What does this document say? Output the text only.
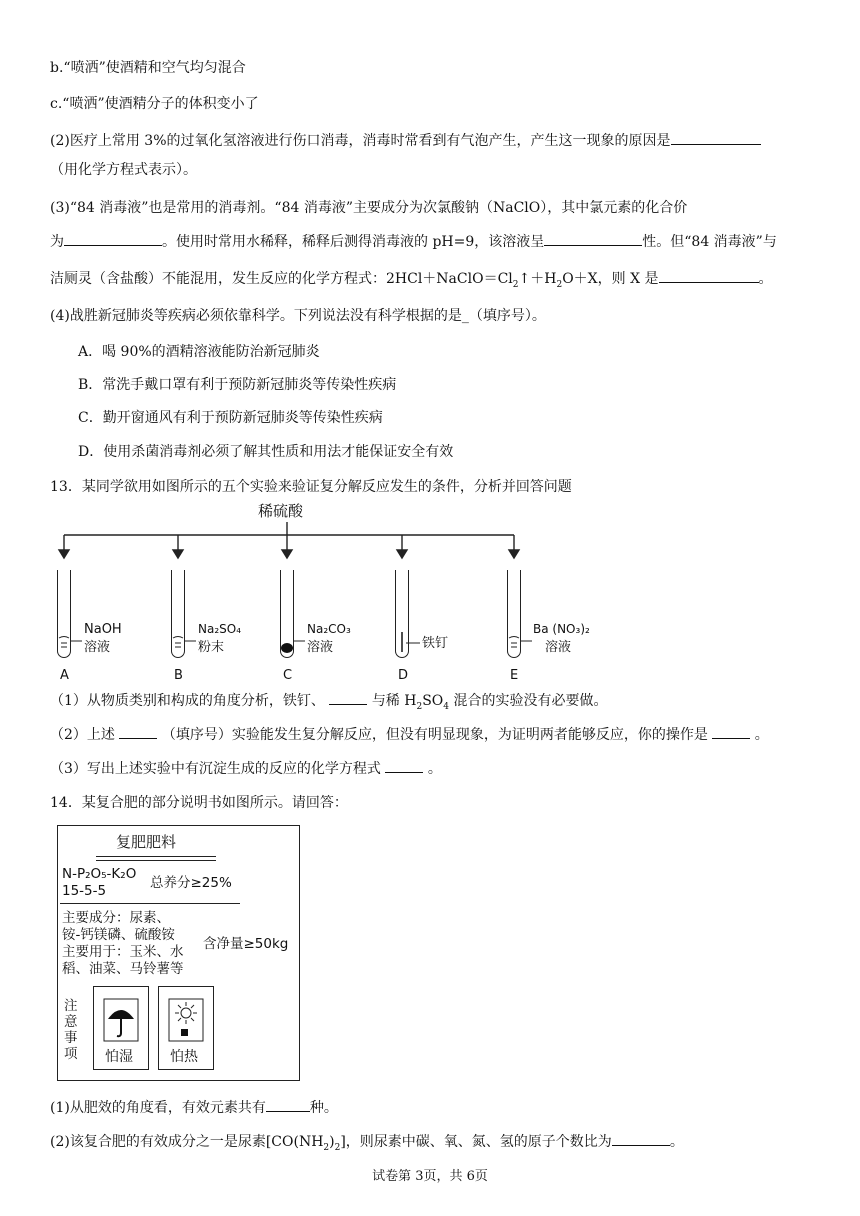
b.“喷洒”使酒精和空气均匀混合
c.“喷洒”使酒精分子的体积变小了
(2)医疗上常用 3%的过氧化氢溶液进行伤口消毒，消毒时常看到有气泡产生，产生这一现象的原因是
（用化学方程式表示）。
(3)“84 消毒液”也是常用的消毒剂。“84 消毒液”主要成分为次氯酸钠（NaClO），其中氯元素的化合价
为	。使用时常用水稀释，稀释后测得消毒液的 pH=9，该溶液呈	性。但“84 消毒液”与
洁厕灵（含盐酸）不能混用，发生反应的化学方程式：$2HCl+NaClO=Cl_2↑+H_2O+X$，则 X 是	。
(4)战胜新冠肺炎等疾病必须依靠科学。下列说法没有科学根据的是_（填序号）。
A．喝 90%的酒精溶液能防治新冠肺炎
B．常洗手戴口罩有利于预防新冠肺炎等传染性疾病
C．勤开窗通风有利于预防新冠肺炎等传染性疾病
D．使用杀菌消毒剂必须了解其性质和用法才能保证安全有效
13．某同学欲用如图所示的五个实验来验证复分解反应发生的条件，分析并回答问题
稀硫酸
NaOH
溶液
Na₂SO₄
粉末
Na₂CO₃
溶液	铁钉
Ba (NO₃)₂
溶液
A	B	C	D	E
（1）从物质类别和构成的角度分析，铁钉、	与稀 $H_2SO_4$ 混合的实验没有必要做。
（2）上述	（填序号）实验能发生复分解反应，但没有明显现象，为证明两者能够反应，你的操作是	。
（3）写出上述实验中有沉淀生成的反应的化学方程式	。
14．某复合肥的部分说明书如图所示。请回答：
复肥肥料
N-P₂O₅-K₂O
15-5-5	总养分≥25%
主要成分：尿素、
铵-钙镁磷、硫酸铵
含净量≥50kg
主要用于：玉米、水
稻、油菜、马铃薯等
注
意
事
项 怕湿	怕热
(1)从肥效的角度看，有效元素共有	种。
(2)该复合肥的有效成分之一是尿素$[CO(NH_2)_2]$，则尿素中碳、氧、氮、氢的原子个数比为	。
试卷第 3页，共 6页
